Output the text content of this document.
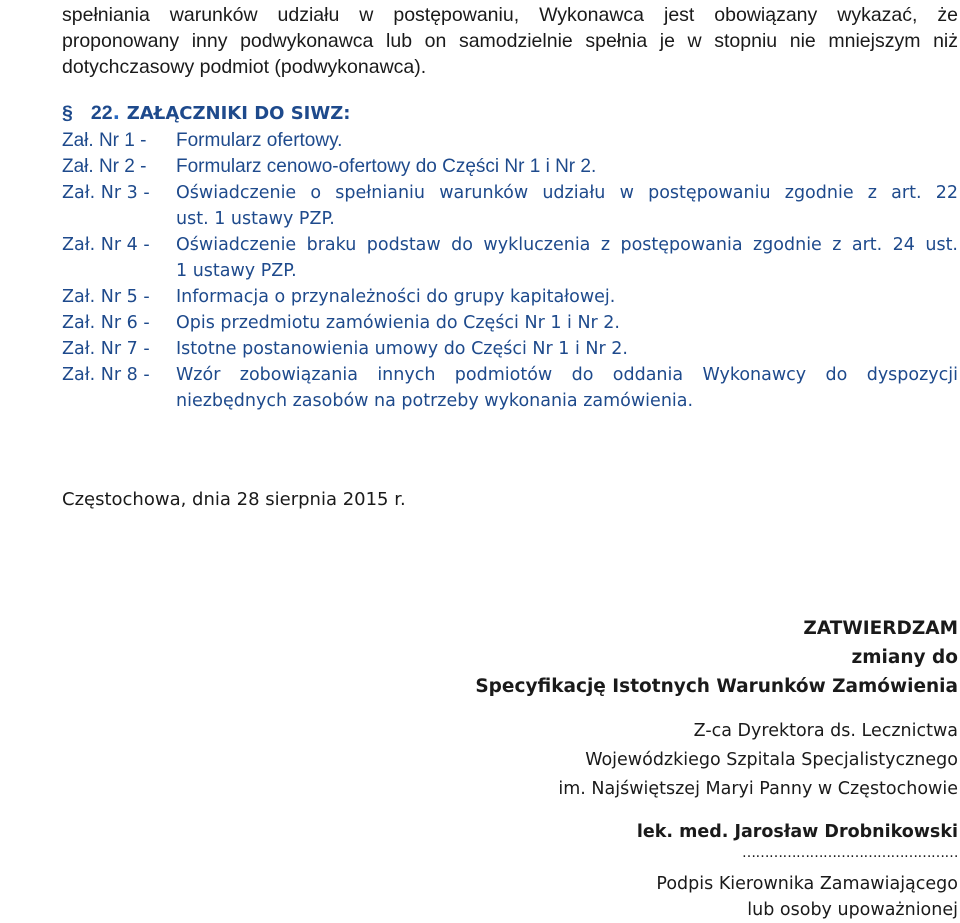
spełniania warunków udziału w postępowaniu, Wykonawca jest obowiązany wykazać, że
proponowany inny podwykonawca lub on samodzielnie spełnia je w stopniu nie mniejszym niż
dotychczasowy podmiot (podwykonawca).
§ 22. ZAŁĄCZNIKI DO SIWZ:
Zał. Nr 1 - Formularz ofertowy.
Zał. Nr 2 - Formularz cenowo-ofertowy do Części Nr 1 i Nr 2.
Zał. Nr 3 - Oświadczenie o spełnianiu warunków udziału w postępowaniu zgodnie z art. 22
ust. 1 ustawy PZP.
Zał. Nr 4 - Oświadczenie braku podstaw do wykluczenia z postępowania zgodnie z art. 24 ust.
1 ustawy PZP.
Zał. Nr 5 - Informacja o przynależności do grupy kapitałowej.
Zał. Nr 6 - Opis przedmiotu zamówienia do Części Nr 1 i Nr 2.
Zał. Nr 7 - Istotne postanowienia umowy do Części Nr 1 i Nr 2.
Zał. Nr 8 - Wzór zobowiązania innych podmiotów do oddania Wykonawcy do dyspozycji
niezbędnych zasobów na potrzeby wykonania zamówienia.
Częstochowa, dnia 28 sierpnia 2015 r.
ZATWIERDZAM
zmiany do
Specyfikację Istotnych Warunków Zamówienia
Z-ca Dyrektora ds. Lecznictwa
Wojewódzkiego Szpitala Specjalistycznego
im. Najświętszej Maryi Panny w Częstochowie
lek. med. Jarosław Drobnikowski
…………………………………………
Podpis Kierownika Zamawiającego
lub osoby upoważnionej
